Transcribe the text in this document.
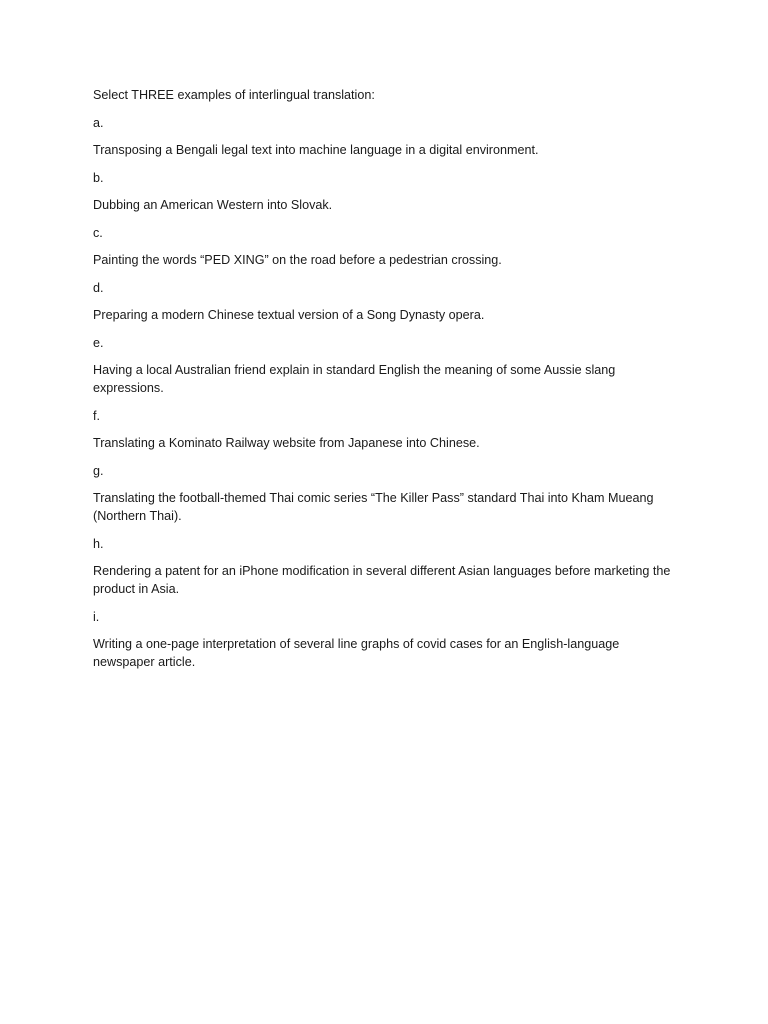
Select THREE examples of interlingual translation:

a.

Transposing a Bengali legal text into machine language in a digital environment.

b.

Dubbing an American Western into Slovak.

c.

Painting the words “PED XING” on the road before a pedestrian crossing.

d.

Preparing a modern Chinese textual version of a Song Dynasty opera.

e.

Having a local Australian friend explain in standard English the meaning of some Aussie slang expressions.

f.

Translating a Kominato Railway website from Japanese into Chinese.

g.

Translating the football-themed Thai comic series “The Killer Pass” standard Thai into Kham Mueang (Northern Thai).

h.

Rendering a patent for an iPhone modification in several different Asian languages before marketing the product in Asia.

i.

Writing a one-page interpretation of several line graphs of covid cases for an English-language newspaper article.
